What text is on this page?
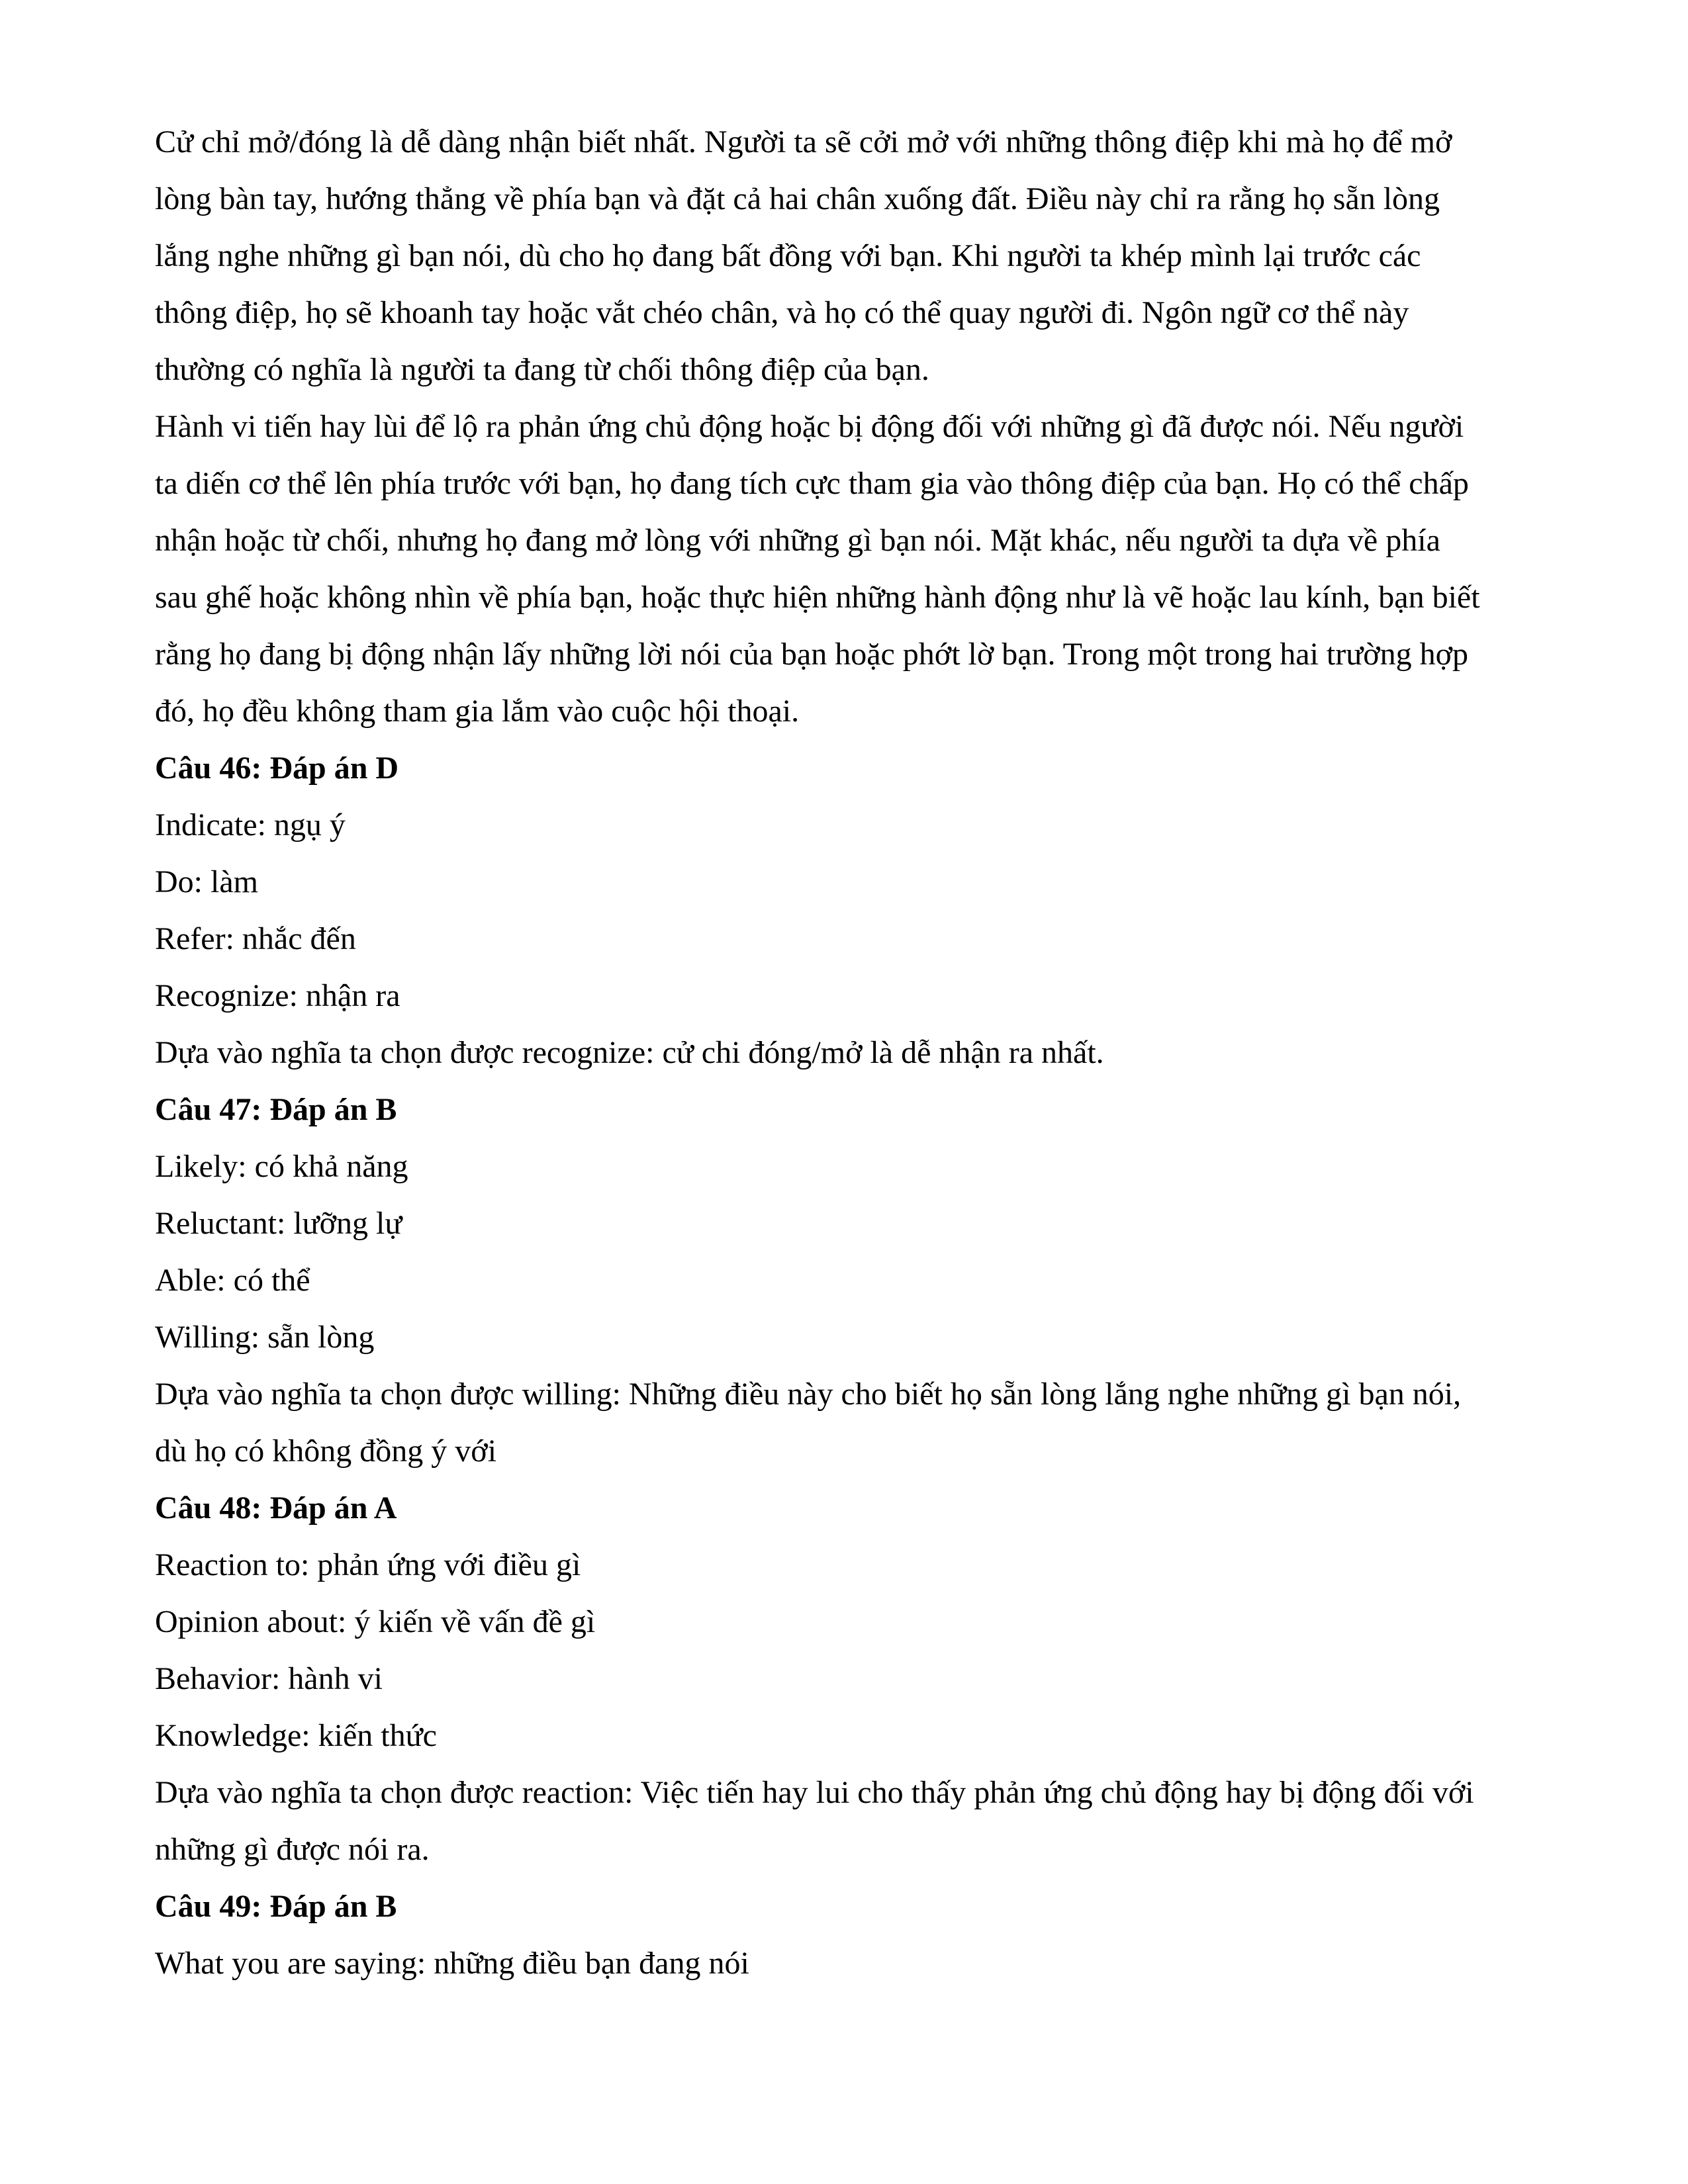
Cử chỉ mở/đóng là dễ dàng nhận biết nhất. Người ta sẽ cởi mở với những thông điệp khi mà họ để mở lòng bàn tay, hướng thẳng về phía bạn và đặt cả hai chân xuống đất. Điều này chỉ ra rằng họ sẵn lòng lắng nghe những gì bạn nói, dù cho họ đang bất đồng với bạn. Khi người ta khép mình lại trước các thông điệp, họ sẽ khoanh tay hoặc vắt chéo chân, và họ có thể quay người đi. Ngôn ngữ cơ thể này thường có nghĩa là người ta đang từ chối thông điệp của bạn.

Hành vi tiến hay lùi để lộ ra phản ứng chủ động hoặc bị động đối với những gì đã được nói. Nếu người ta diến cơ thể lên phía trước với bạn, họ đang tích cực tham gia vào thông điệp của bạn. Họ có thể chấp nhận hoặc từ chối, nhưng họ đang mở lòng với những gì bạn nói. Mặt khác, nếu người ta dựa về phía sau ghế hoặc không nhìn về phía bạn, hoặc thực hiện những hành động như là vẽ hoặc lau kính, bạn biết rằng họ đang bị động nhận lấy những lời nói của bạn hoặc phớt lờ bạn. Trong một trong hai trường hợp đó, họ đều không tham gia lắm vào cuộc hội thoại.

Câu 46: Đáp án D
Indicate: ngụ ý
Do: làm
Refer: nhắc đến
Recognize: nhận ra
Dựa vào nghĩa ta chọn được recognize: cử chi đóng/mở là dễ nhận ra nhất.
Câu 47: Đáp án B
Likely: có khả năng
Reluctant: lưỡng lự
Able: có thể
Willing: sẵn lòng

Dựa vào nghĩa ta chọn được willing: Những điều này cho biết họ sẵn lòng lắng nghe những gì bạn nói, dù họ có không đồng ý với

Câu 48: Đáp án A
Reaction to: phản ứng với điều gì
Opinion about: ý kiến về vấn đề gì
Behavior: hành vi
Knowledge: kiến thức

Dựa vào nghĩa ta chọn được reaction: Việc tiến hay lui cho thấy phản ứng chủ động hay bị động đối với những gì được nói ra.

Câu 49: Đáp án B
What you are saying: những điều bạn đang nói
